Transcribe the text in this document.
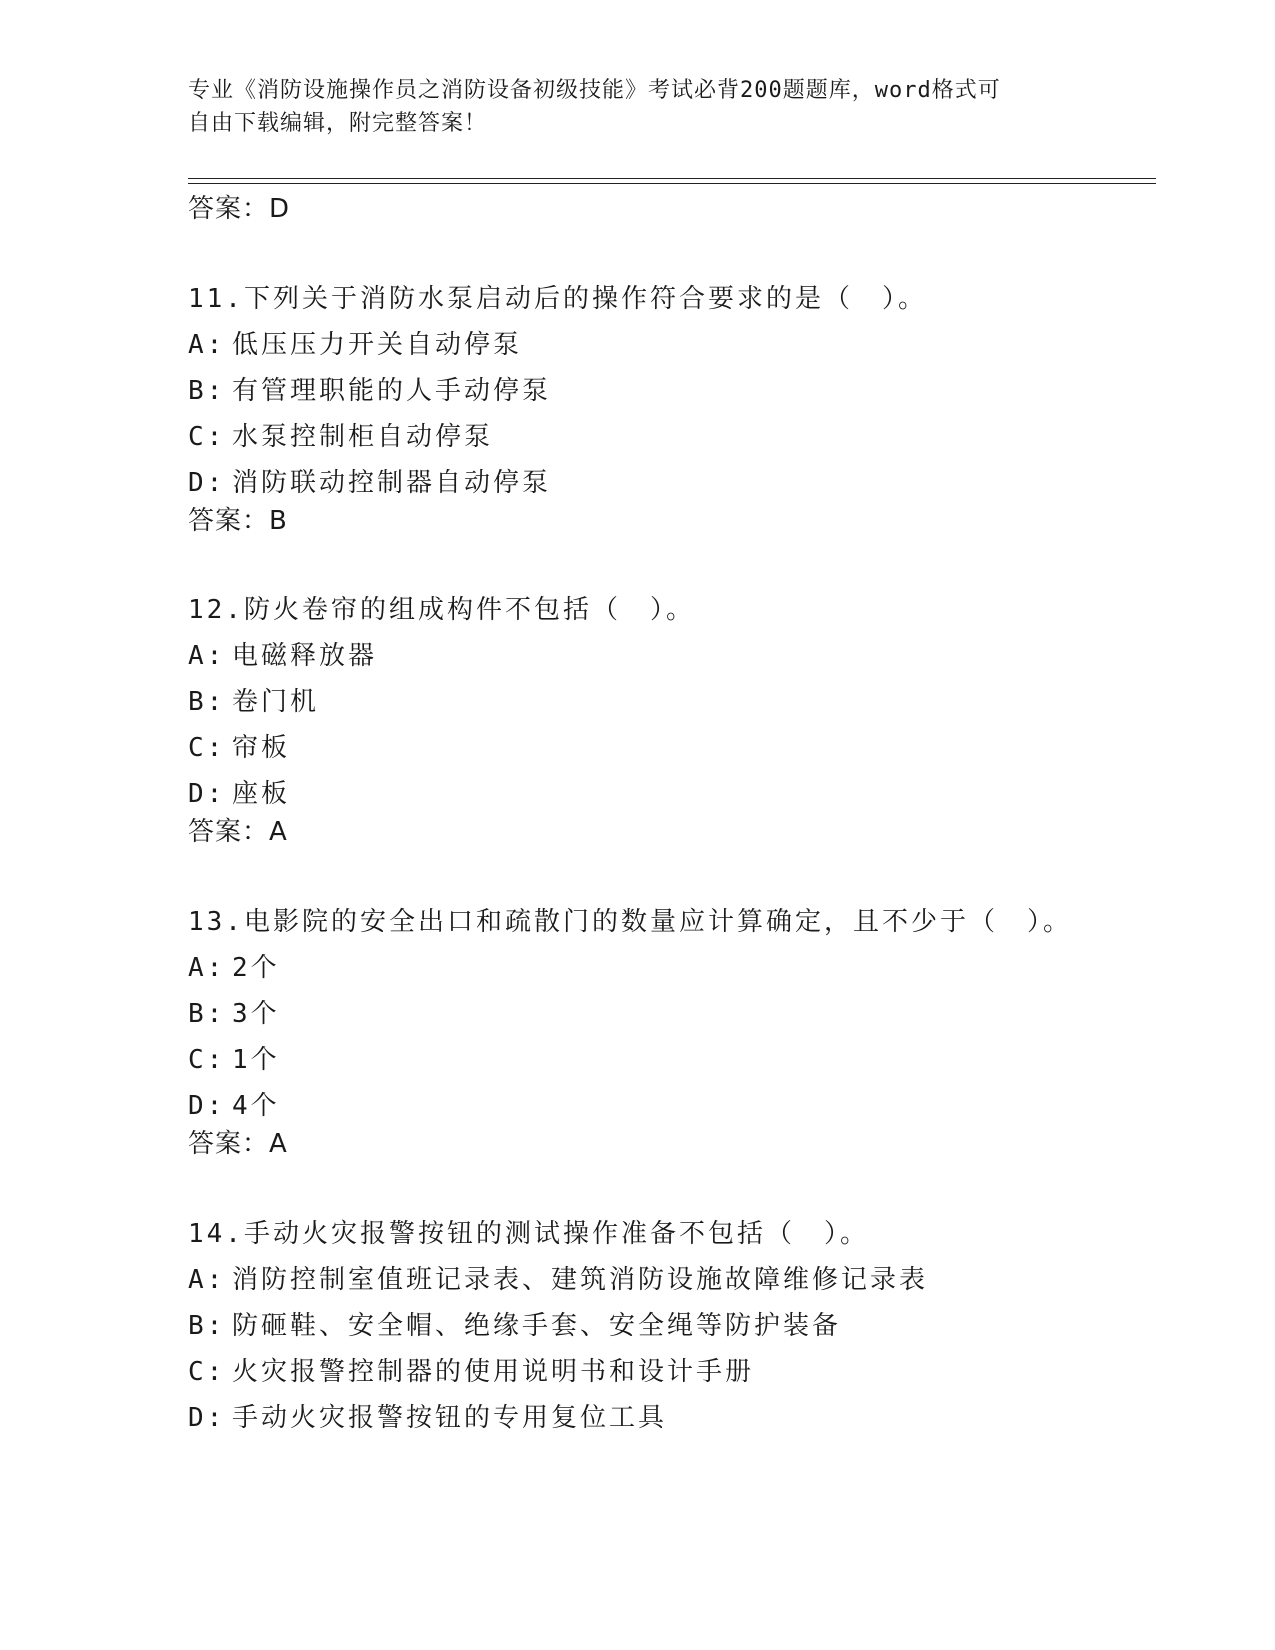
专业《消防设施操作员之消防设备初级技能》考试必背200题题库，word格式可
自由下载编辑，附完整答案！
答案：D
11.下列关于消防水泵启动后的操作符合要求的是（　）。
A: 低压压力开关自动停泵
B: 有管理职能的人手动停泵
C: 水泵控制柜自动停泵
D: 消防联动控制器自动停泵
答案：B
12.防火卷帘的组成构件不包括（　）。
A: 电磁释放器
B: 卷门机
C: 帘板
D: 座板
答案：A
13.电影院的安全出口和疏散门的数量应计算确定，且不少于（　）。
A: 2个
B: 3个
C: 1个
D: 4个
答案：A
14.手动火灾报警按钮的测试操作准备不包括（　）。
A: 消防控制室值班记录表、建筑消防设施故障维修记录表
B: 防砸鞋、安全帽、绝缘手套、安全绳等防护装备
C: 火灾报警控制器的使用说明书和设计手册
D: 手动火灾报警按钮的专用复位工具
